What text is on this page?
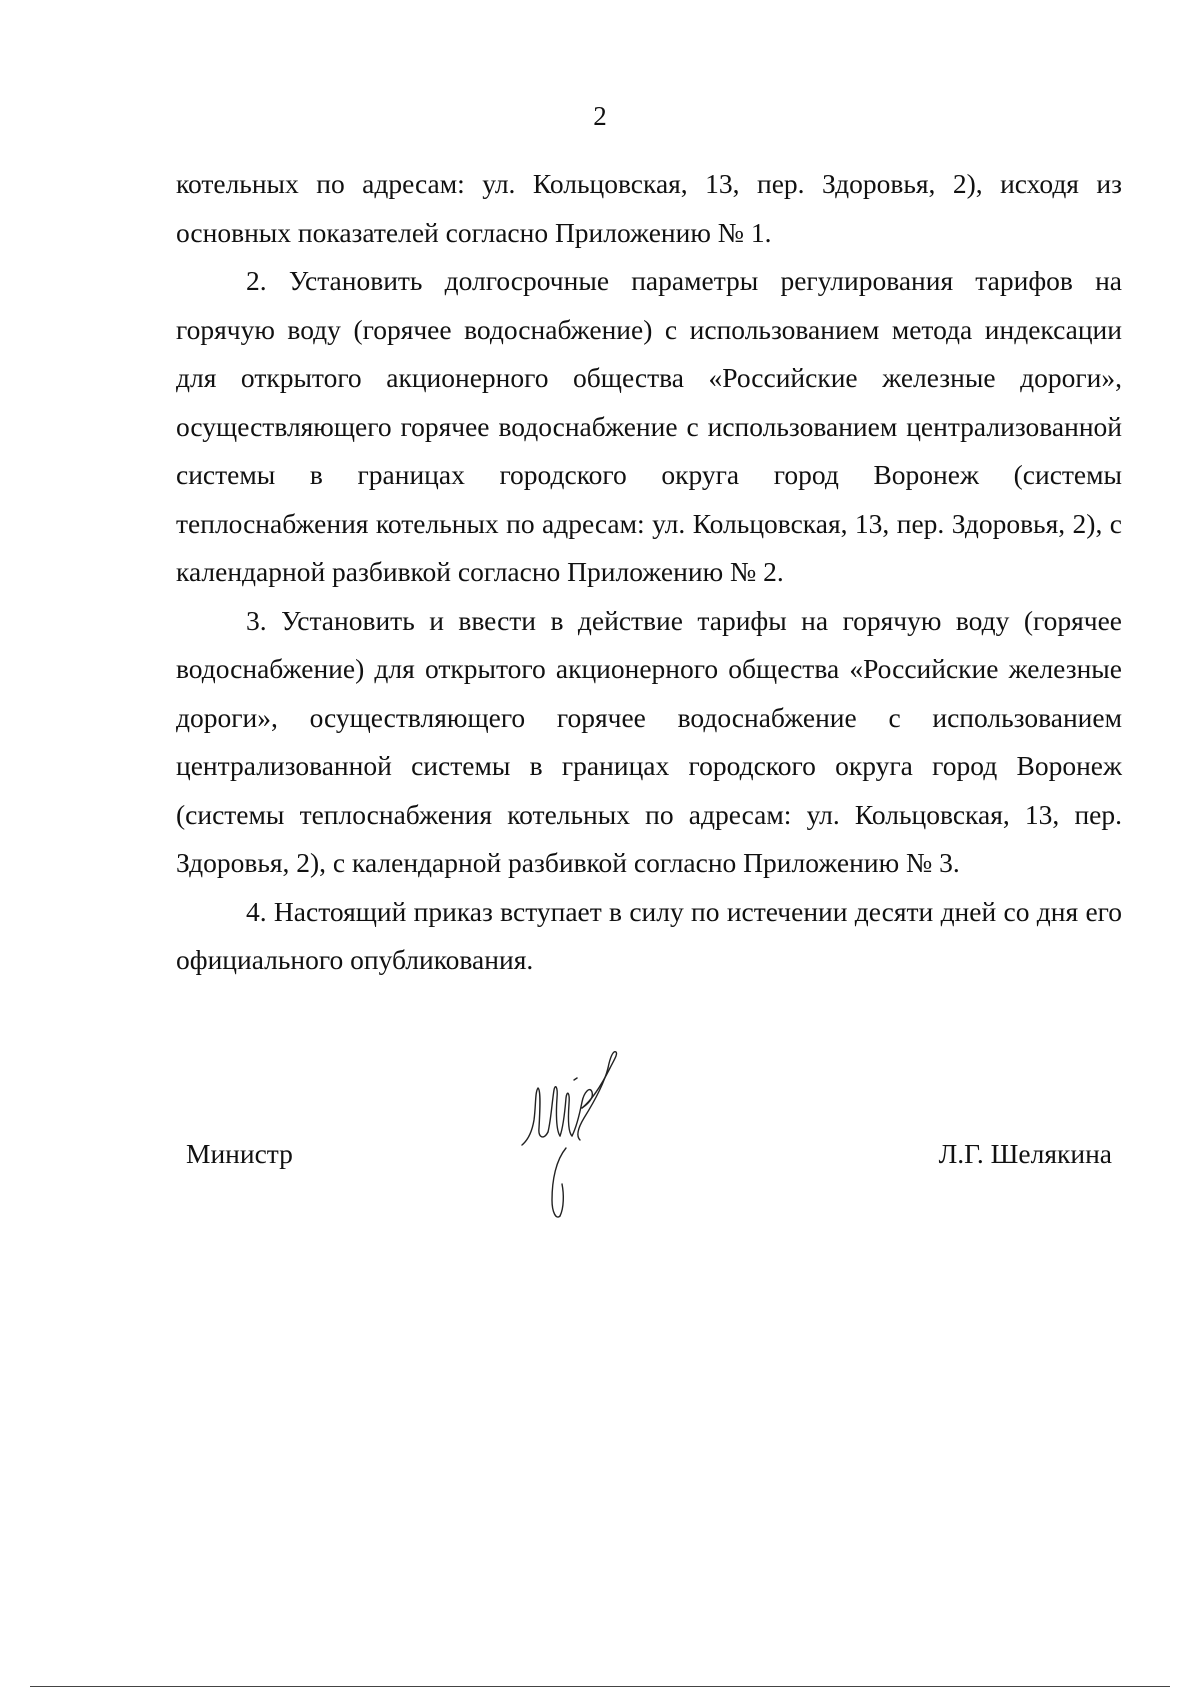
2

котельных по адресам: ул. Кольцовская, 13, пер. Здоровья, 2), исходя из основных показателей согласно Приложению № 1.

2. Установить долгосрочные параметры регулирования тарифов на горячую воду (горячее водоснабжение) с использованием метода индексации для открытого акционерного общества «Российские железные дороги», осуществляющего горячее водоснабжение с использованием централизованной системы в границах городского округа город Воронеж (системы теплоснабжения котельных по адресам: ул. Кольцовская, 13, пер. Здоровья, 2), с календарной разбивкой согласно Приложению № 2.

3. Установить и ввести в действие тарифы на горячую воду (горячее водоснабжение) для открытого акционерного общества «Российские железные дороги», осуществляющего горячее водоснабжение с использованием централизованной системы в границах городского округа город Воронеж (системы теплоснабжения котельных по адресам: ул. Кольцовская, 13, пер. Здоровья, 2), с календарной разбивкой согласно Приложению № 3.

4. Настоящий приказ вступает в силу по истечении десяти дней со дня его официального опубликования.

Министр	Л.Г. Шелякина
